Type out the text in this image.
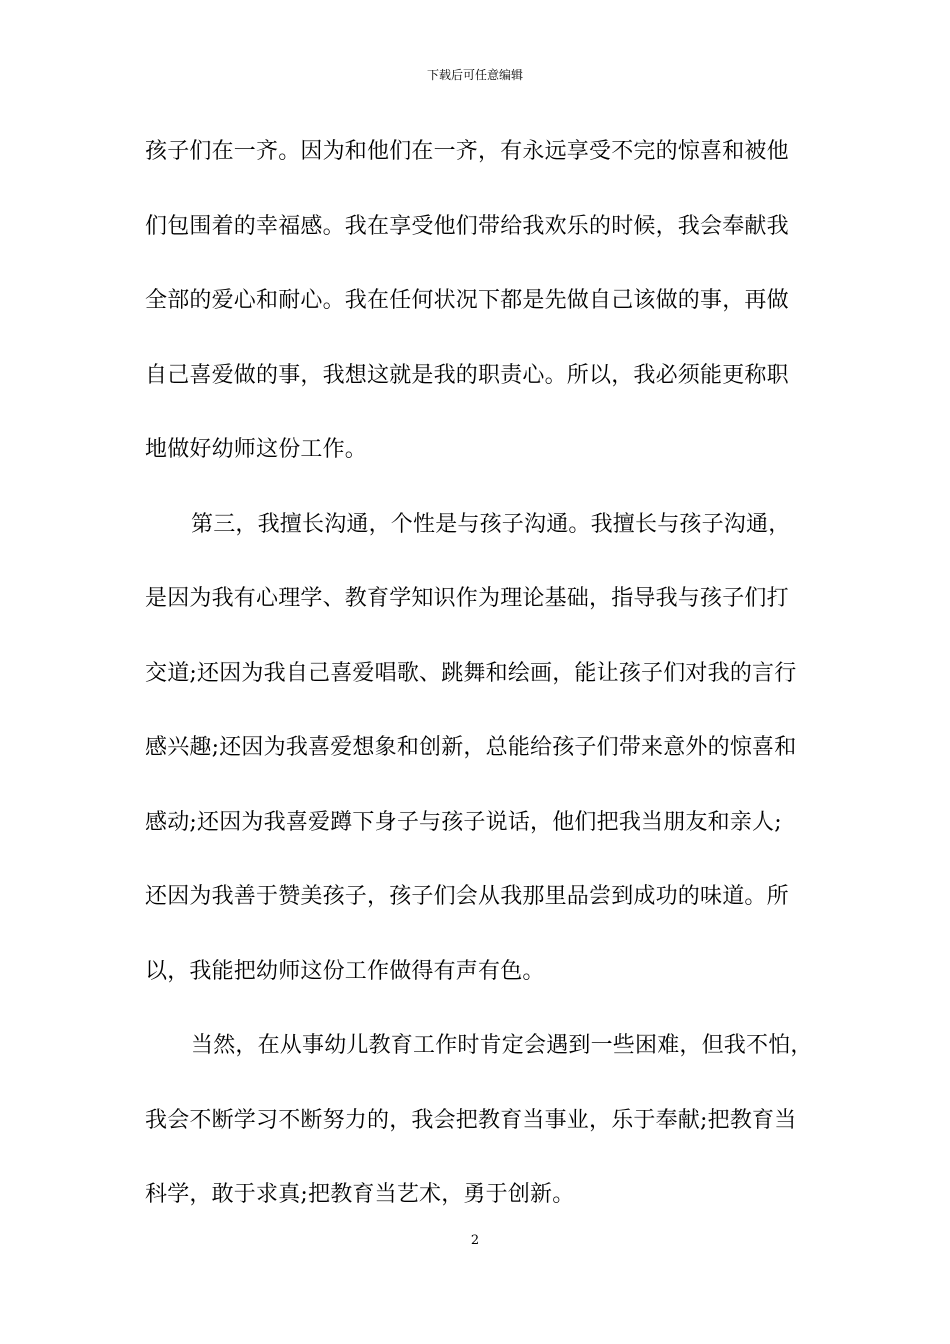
下载后可任意编辑
孩子们在一齐。因为和他们在一齐，有永远享受不完的惊喜和被他
们包围着的幸福感。我在享受他们带给我欢乐的时候，我会奉献我
全部的爱心和耐心。我在任何状况下都是先做自己该做的事，再做
自己喜爱做的事，我想这就是我的职责心。所以，我必须能更称职
地做好幼师这份工作。
第三，我擅长沟通，个性是与孩子沟通。我擅长与孩子沟通，
是因为我有心理学、教育学知识作为理论基础，指导我与孩子们打
交道;还因为我自己喜爱唱歌、跳舞和绘画，能让孩子们对我的言行
感兴趣;还因为我喜爱想象和创新，总能给孩子们带来意外的惊喜和
感动;还因为我喜爱蹲下身子与孩子说话，他们把我当朋友和亲人;
还因为我善于赞美孩子，孩子们会从我那里品尝到成功的味道。所
以，我能把幼师这份工作做得有声有色。
当然，在从事幼儿教育工作时肯定会遇到一些困难，但我不怕，
我会不断学习不断努力的，我会把教育当事业，乐于奉献;把教育当
科学，敢于求真;把教育当艺术，勇于创新。
2
